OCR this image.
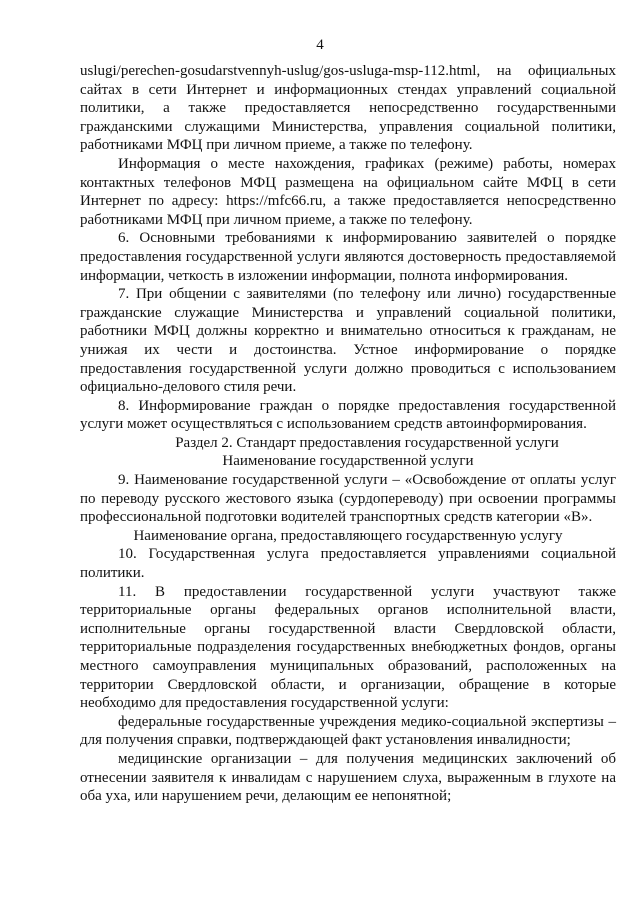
4

uslugi/perechen-gosudarstvennyh-uslug/gos-usluga-msp-112.html, на официальных сайтах в сети Интернет и информационных стендах управлений социальной политики, а также предоставляется непосредственно государственными гражданскими служащими Министерства, управления социальной политики, работниками МФЦ при личном приеме, а также по телефону.

Информация о месте нахождения, графиках (режиме) работы, номерах контактных телефонов МФЦ размещена на официальном сайте МФЦ в сети Интернет по адресу: https://mfc66.ru, а также предоставляется непосредственно работниками МФЦ при личном приеме, а также по телефону.

6. Основными требованиями к информированию заявителей о порядке предоставления государственной услуги являются достоверность предоставляемой информации, четкость в изложении информации, полнота информирования.

7. При общении с заявителями (по телефону или лично) государственные гражданские служащие Министерства и управлений социальной политики, работники МФЦ должны корректно и внимательно относиться к гражданам, не унижая их чести и достоинства. Устное информирование о порядке предоставления государственной услуги должно проводиться с использованием официально-делового стиля речи.

8. Информирование граждан о порядке предоставления государственной услуги может осуществляться с использованием средств автоинформирования.

Раздел 2. Стандарт предоставления государственной услуги

Наименование государственной услуги

9. Наименование государственной услуги – «Освобождение от оплаты услуг по переводу русского жестового языка (сурдопереводу) при освоении программы профессиональной подготовки водителей транспортных средств категории «В».

Наименование органа, предоставляющего государственную услугу

10. Государственная услуга предоставляется управлениями социальной политики.

11. В предоставлении государственной услуги участвуют также территориальные органы федеральных органов исполнительной власти, исполнительные органы государственной власти Свердловской области, территориальные подразделения государственных внебюджетных фондов, органы местного самоуправления муниципальных образований, расположенных на территории Свердловской области, и организации, обращение в которые необходимо для предоставления государственной услуги:

федеральные государственные учреждения медико-социальной экспертизы – для получения справки, подтверждающей факт установления инвалидности;

медицинские организации – для получения медицинских заключений об отнесении заявителя к инвалидам с нарушением слуха, выраженным в глухоте на оба уха, или нарушением речи, делающим ее непонятной;
